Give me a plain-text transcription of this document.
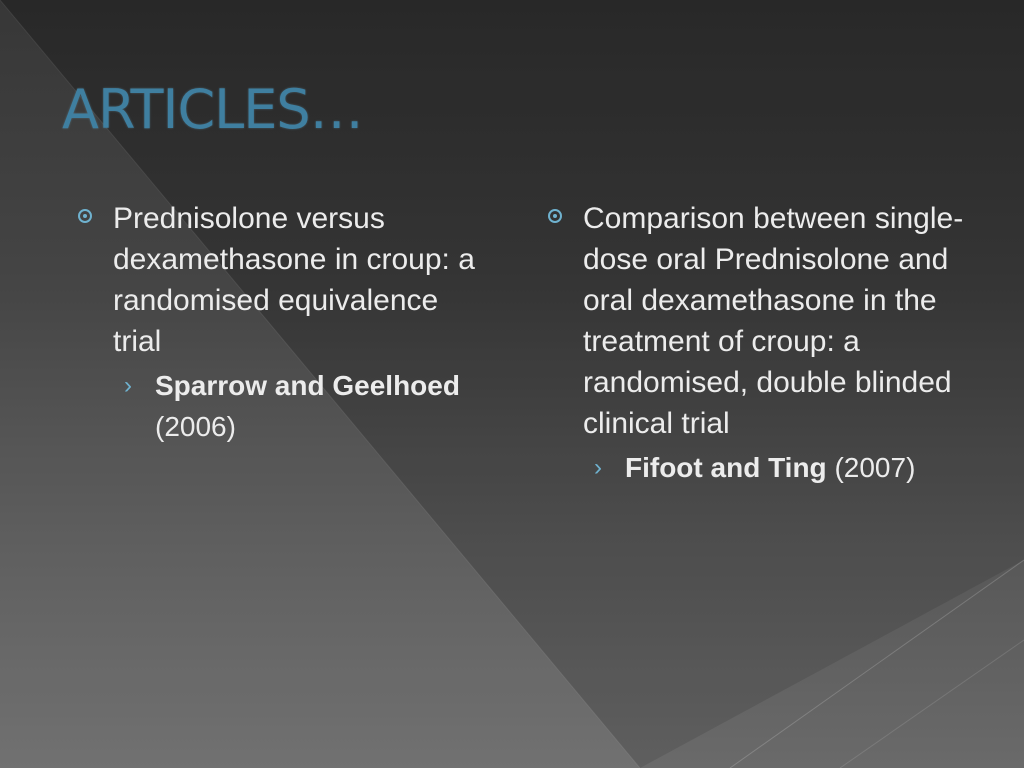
ARTICLES…
Prednisolone versus dexamethasone in croup: a randomised equivalence trial
› Sparrow and Geelhoed (2006)
Comparison between single-dose oral Prednisolone and oral dexamethasone in the treatment of croup: a randomised, double blinded clinical trial
› Fifoot and Ting (2007)
